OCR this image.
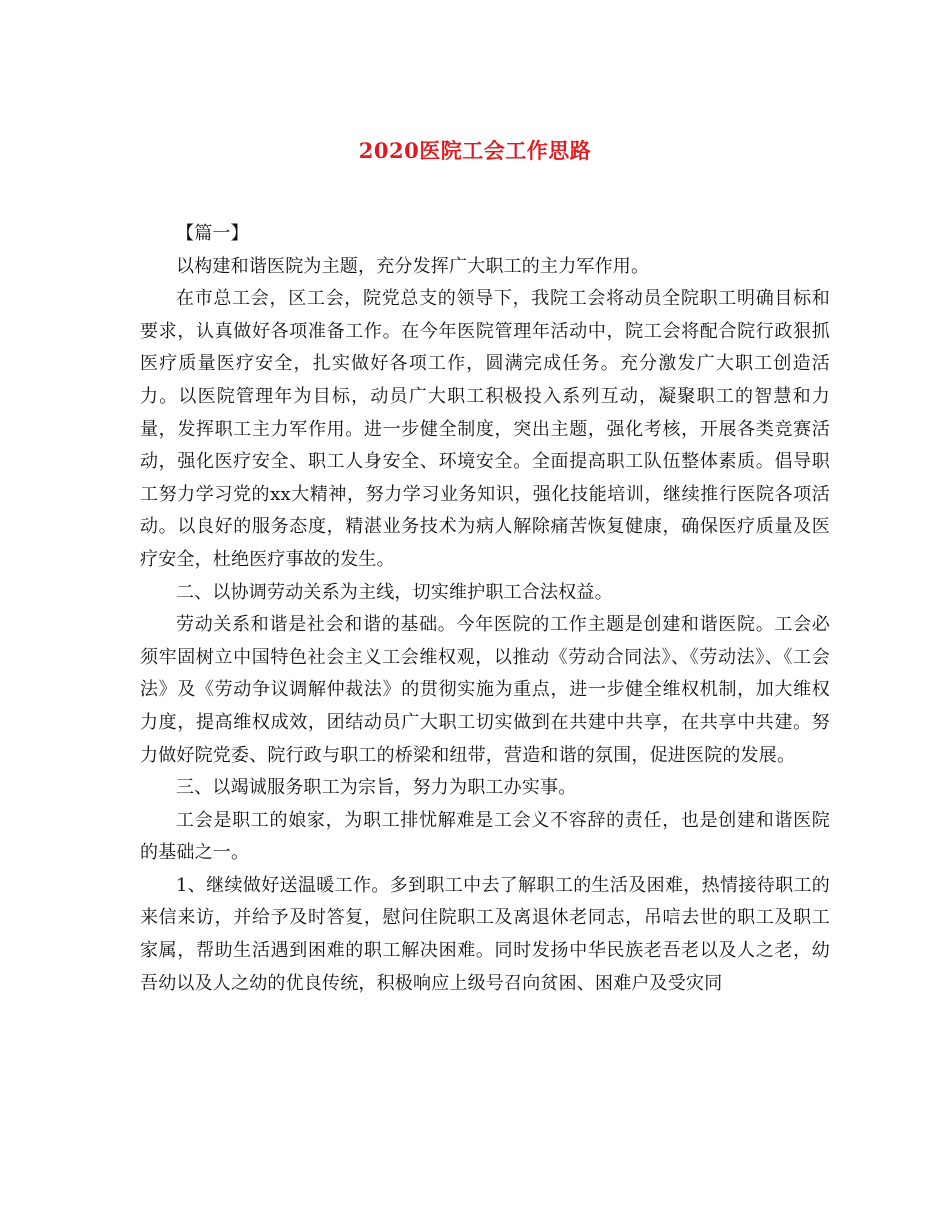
2020医院工会工作思路

【篇一】

以构建和谐医院为主题，充分发挥广大职工的主力军作用。

在市总工会，区工会，院党总支的领导下，我院工会将动员全院职工明确目标和要求，认真做好各项准备工作。在今年医院管理年活动中，院工会将配合院行政狠抓医疗质量医疗安全，扎实做好各项工作，圆满完成任务。充分激发广大职工创造活力。以医院管理年为目标，动员广大职工积极投入系列互动，凝聚职工的智慧和力量，发挥职工主力军作用。进一步健全制度，突出主题，强化考核，开展各类竞赛活动，强化医疗安全、职工人身安全、环境安全。全面提高职工队伍整体素质。倡导职工努力学习党的xx大精神，努力学习业务知识，强化技能培训，继续推行医院各项活动。以良好的服务态度，精湛业务技术为病人解除痛苦恢复健康，确保医疗质量及医疗安全，杜绝医疗事故的发生。

二、以协调劳动关系为主线，切实维护职工合法权益。

劳动关系和谐是社会和谐的基础。今年医院的工作主题是创建和谐医院。工会必须牢固树立中国特色社会主义工会维权观，以推动《劳动合同法》、《劳动法》、《工会法》及《劳动争议调解仲裁法》的贯彻实施为重点，进一步健全维权机制，加大维权力度，提高维权成效，团结动员广大职工切实做到在共建中共享，在共享中共建。努力做好院党委、院行政与职工的桥梁和纽带，营造和谐的氛围，促进医院的发展。

三、以竭诚服务职工为宗旨，努力为职工办实事。

工会是职工的娘家，为职工排忧解难是工会义不容辞的责任，也是创建和谐医院的基础之一。

1、继续做好送温暖工作。多到职工中去了解职工的生活及困难，热情接待职工的来信来访，并给予及时答复，慰问住院职工及离退休老同志，吊唁去世的职工及职工家属，帮助生活遇到困难的职工解决困难。同时发扬中华民族老吾老以及人之老，幼吾幼以及人之幼的优良传统，积极响应上级号召向贫困、困难户及受灾同
